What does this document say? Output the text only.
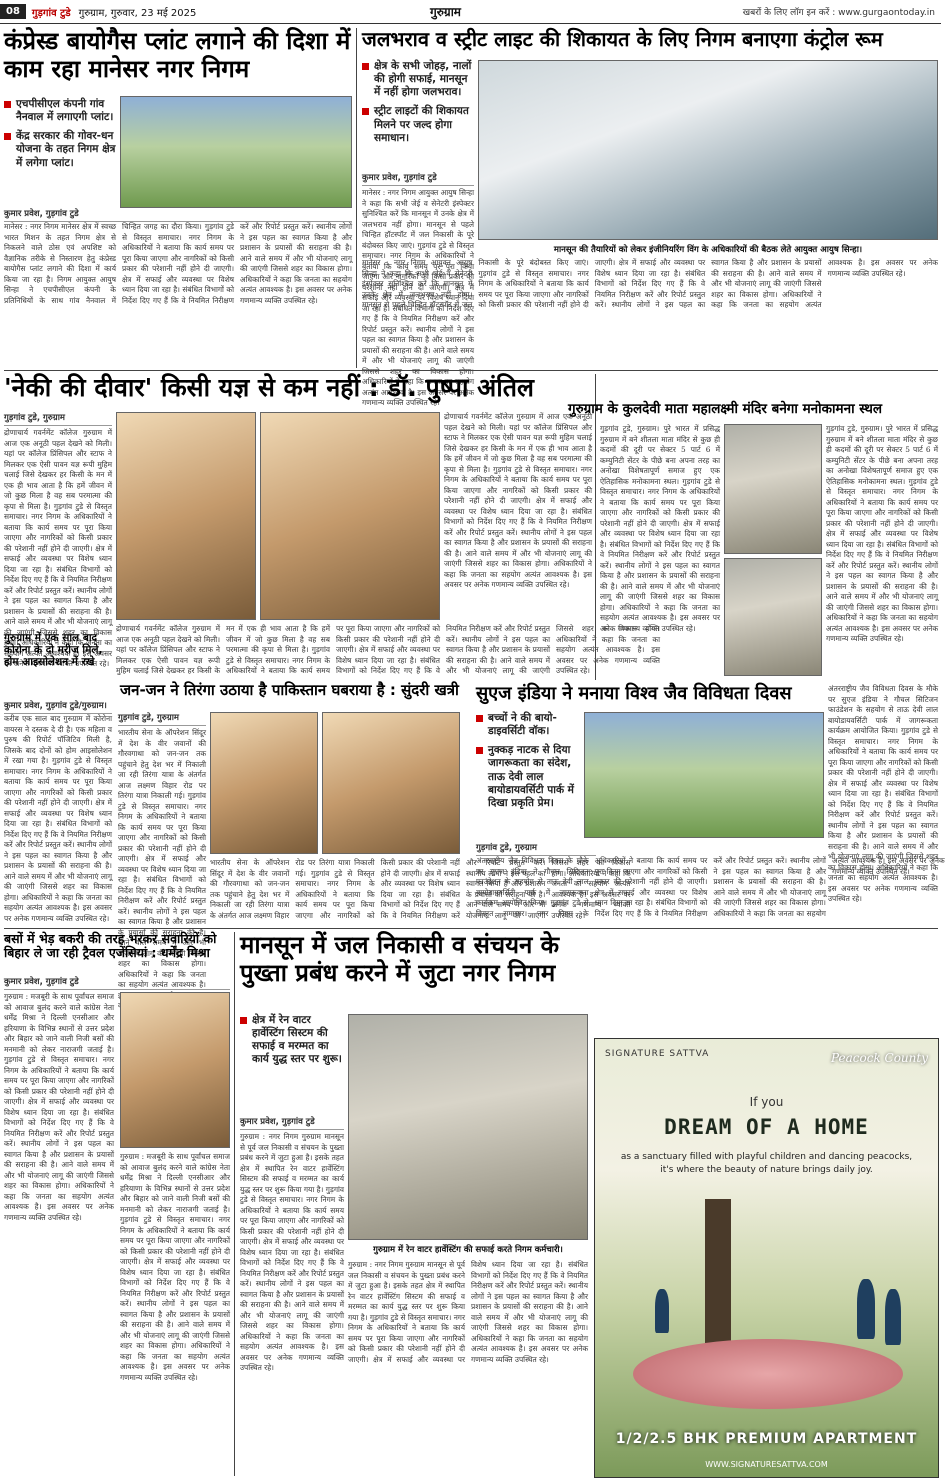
08	गुड़गांव टुडे गुरुग्राम, गुरुवार, 23 मई 2025	गुरुग्राम	खबरों के लिए लॉग इन करें : www.gurgaontoday.in
कंप्रेस्ड बायोगैस प्लांट लगाने की दिशा में काम रहा मानेसर नगर निगम
एचपीसीएल कंपनी गांव नैनवाल में लगाएगी प्लांट।
केंद्र सरकार की गोवर-धन योजना के तहत निगम क्षेत्र में लगेगा प्लांट।
कुमार प्रवेश, गुड़गांव टुडे
मानेसर : नगर निगम मानेसर क्षेत्र में स्वच्छ भारत मिशन के तहत निगम क्षेत्र से निकलने वाले ठोस एवं अपशिष्ट को वैज्ञानिक तरीके से निस्तारण हेतु कंप्रेस्ड बायोगैस प्लांट लगाने की दिशा में कार्य किया जा रहा है। निगम आयुक्त आयुष सिन्हा ने एचपीसीएल कंपनी के प्रतिनिधियों के साथ गांव नैनवाल में चिन्हित जगह का दौरा किया। गुड़गांव टुडे से विस्तृत समाचार। नगर निगम के अधिकारियों ने बताया कि कार्य समय पर पूरा किया जाएगा और नागरिकों को किसी प्रकार की परेशानी नहीं होने दी जाएगी। क्षेत्र में सफाई और व्यवस्था पर विशेष ध्यान दिया जा रहा है। संबंधित विभागों को निर्देश दिए गए हैं कि वे नियमित निरीक्षण करें और रिपोर्ट प्रस्तुत करें। स्थानीय लोगों ने इस पहल का स्वागत किया है और प्रशासन के प्रयासों की सराहना की है। आने वाले समय में और भी योजनाएं लागू की जाएंगी जिससे शहर का विकास होगा। अधिकारियों ने कहा कि जनता का सहयोग अत्यंत आवश्यक है। इस अवसर पर अनेक गणमान्य व्यक्ति उपस्थित रहे।
जलभराव व स्ट्रीट लाइट की शिकायत के लिए निगम बनाएगा कंट्रोल रूम
क्षेत्र के सभी जोहड़, नालों की होगी सफाई, मानसून में नहीं होगा जलभराव।
स्ट्रीट लाइटों की शिकायत मिलने पर जल्द होगा समाधान।
कुमार प्रवेश, गुड़गांव टुडे
मानेसर : नगर निगम आयुक्त आयुष सिन्हा ने कहा कि सभी जेई व सेनेटरी इंस्पेक्टर सुनिश्चित करें कि मानसून में उनके क्षेत्र में जलभराव नहीं होगा। मानसून से पहले चिन्हित हॉटस्पॉट में जल निकासी के पूरे बंदोबस्त किए जाएं। गुड़गांव टुडे से विस्तृत समाचार। नगर निगम के अधिकारियों ने बताया कि कार्य समय पर पूरा किया जाएगा और नागरिकों को किसी प्रकार की परेशानी नहीं होने दी जाएगी। क्षेत्र में सफाई और व्यवस्था पर विशेष ध्यान दिया जा रहा है। संबंधित विभागों को निर्देश दिए गए हैं कि वे नियमित निरीक्षण करें और रिपोर्ट प्रस्तुत करें। स्थानीय लोगों ने इस पहल का स्वागत किया है और प्रशासन के प्रयासों की सराहना की है। आने वाले समय में और भी योजनाएं लागू की जाएंगी जिससे शहर का विकास होगा। अधिकारियों ने कहा कि जनता का सहयोग अत्यंत आवश्यक है। इस अवसर पर अनेक गणमान्य व्यक्ति उपस्थित रहे।	मानसून की तैयारियों को लेकर इंजीनियरिंग विंग के अधिकारियों की बैठक लेते आयुक्त आयुष सिन्हा।
मानेसर : नगर निगम आयुक्त आयुष सिन्हा ने कहा कि सभी जेई व सेनेटरी इंस्पेक्टर सुनिश्चित करें कि मानसून में उनके क्षेत्र में जलभराव नहीं होगा। मानसून से पहले चिन्हित हॉटस्पॉट में जल निकासी के पूरे बंदोबस्त किए जाएं। गुड़गांव टुडे से विस्तृत समाचार। नगर निगम के अधिकारियों ने बताया कि कार्य समय पर पूरा किया जाएगा और नागरिकों को किसी प्रकार की परेशानी नहीं होने दी जाएगी। क्षेत्र में सफाई और व्यवस्था पर विशेष ध्यान दिया जा रहा है। संबंधित विभागों को निर्देश दिए गए हैं कि वे नियमित निरीक्षण करें और रिपोर्ट प्रस्तुत करें। स्थानीय लोगों ने इस पहल का स्वागत किया है और प्रशासन के प्रयासों की सराहना की है। आने वाले समय में और भी योजनाएं लागू की जाएंगी जिससे शहर का विकास होगा। अधिकारियों ने कहा कि जनता का सहयोग अत्यंत आवश्यक है। इस अवसर पर अनेक गणमान्य व्यक्ति उपस्थित रहे।
'नेकी की दीवार' किसी यज्ञ से कम नहीं : डॉ. पुष्पा अंतिल
गुड़गांव टुडे, गुरुग्राम
द्रोणाचार्य गवर्नमेंट कॉलेज गुरुग्राम में आज एक अनूठी पहल देखने को मिली। यहां पर कॉलेज प्रिंसिपल और स्टाफ ने मिलकर एक ऐसी पावन यज्ञ रूपी मुहिम चलाई जिसे देखकर हर किसी के मन में एक ही भाव आता है कि हमें जीवन में जो कुछ मिला है वह सब परमात्मा की कृपा से मिला है। गुड़गांव टुडे से विस्तृत समाचार। नगर निगम के अधिकारियों ने बताया कि कार्य समय पर पूरा किया जाएगा और नागरिकों को किसी प्रकार की परेशानी नहीं होने दी जाएगी। क्षेत्र में सफाई और व्यवस्था पर विशेष ध्यान दिया जा रहा है। संबंधित विभागों को निर्देश दिए गए हैं कि वे नियमित निरीक्षण करें और रिपोर्ट प्रस्तुत करें। स्थानीय लोगों ने इस पहल का स्वागत किया है और प्रशासन के प्रयासों की सराहना की है। आने वाले समय में और भी योजनाएं लागू की जाएंगी जिससे शहर का विकास होगा। अधिकारियों ने कहा कि जनता का सहयोग अत्यंत आवश्यक है। इस अवसर पर अनेक गणमान्य व्यक्ति उपस्थित रहे।
द्रोणाचार्य गवर्नमेंट कॉलेज गुरुग्राम में आज एक अनूठी पहल देखने को मिली। यहां पर कॉलेज प्रिंसिपल और स्टाफ ने मिलकर एक ऐसी पावन यज्ञ रूपी मुहिम चलाई जिसे देखकर हर किसी के मन में एक ही भाव आता है कि हमें जीवन में जो कुछ मिला है वह सब परमात्मा की कृपा से मिला है। गुड़गांव टुडे से विस्तृत समाचार। नगर निगम के अधिकारियों ने बताया कि कार्य समय पर पूरा किया जाएगा और नागरिकों को किसी प्रकार की परेशानी नहीं होने दी जाएगी। क्षेत्र में सफाई और व्यवस्था पर विशेष ध्यान दिया जा रहा है। संबंधित विभागों को निर्देश दिए गए हैं कि वे नियमित निरीक्षण करें और रिपोर्ट प्रस्तुत करें। स्थानीय लोगों ने इस पहल का स्वागत किया है और प्रशासन के प्रयासों की सराहना की है। आने वाले समय में और भी योजनाएं लागू की जाएंगी जिससे शहर का विकास होगा। अधिकारियों ने कहा कि जनता का सहयोग अत्यंत आवश्यक है। इस अवसर पर अनेक गणमान्य व्यक्ति उपस्थित रहे।
द्रोणाचार्य गवर्नमेंट कॉलेज गुरुग्राम में आज एक अनूठी पहल देखने को मिली। यहां पर कॉलेज प्रिंसिपल और स्टाफ ने मिलकर एक ऐसी पावन यज्ञ रूपी मुहिम चलाई जिसे देखकर हर किसी के मन में एक ही भाव आता है कि हमें जीवन में जो कुछ मिला है वह सब परमात्मा की कृपा से मिला है। गुड़गांव टुडे से विस्तृत समाचार। नगर निगम के अधिकारियों ने बताया कि कार्य समय पर पूरा किया जाएगा और नागरिकों को किसी प्रकार की परेशानी नहीं होने दी जाएगी। क्षेत्र में सफाई और व्यवस्था पर विशेष ध्यान दिया जा रहा है। संबंधित विभागों को निर्देश दिए गए हैं कि वे नियमित निरीक्षण करें और रिपोर्ट प्रस्तुत करें। स्थानीय लोगों ने इस पहल का स्वागत किया है और प्रशासन के प्रयासों की सराहना की है। आने वाले समय में और भी योजनाएं लागू की जाएंगी जिससे शहर का विकास होगा। अधिकारियों ने कहा कि जनता का सहयोग अत्यंत आवश्यक है। इस अवसर पर अनेक गणमान्य व्यक्ति उपस्थित रहे।
गुरुग्राम के कुलदेवी माता महालक्ष्मी मंदिर बनेगा मनोकामना स्थल
गुड़गांव टुडे, गुरुग्राम। पुरे भारत में प्रसिद्ध गुरुग्राम में बने शीतला माता मंदिर से कुछ ही कदमों की दूरी पर सेक्टर 5 पार्ट 6 में कम्युनिटी सेंटर के पीछे बना अपना तरह का अनोखा विशेषतापूर्ण समाज हुए एक ऐतिहासिक मनोकामना स्थल। गुड़गांव टुडे से विस्तृत समाचार। नगर निगम के अधिकारियों ने बताया कि कार्य समय पर पूरा किया जाएगा और नागरिकों को किसी प्रकार की परेशानी नहीं होने दी जाएगी। क्षेत्र में सफाई और व्यवस्था पर विशेष ध्यान दिया जा रहा है। संबंधित विभागों को निर्देश दिए गए हैं कि वे नियमित निरीक्षण करें और रिपोर्ट प्रस्तुत करें। स्थानीय लोगों ने इस पहल का स्वागत किया है और प्रशासन के प्रयासों की सराहना की है। आने वाले समय में और भी योजनाएं लागू की जाएंगी जिससे शहर का विकास होगा। अधिकारियों ने कहा कि जनता का सहयोग अत्यंत आवश्यक है। इस अवसर पर अनेक गणमान्य व्यक्ति उपस्थित रहे।
गुड़गांव टुडे, गुरुग्राम। पुरे भारत में प्रसिद्ध गुरुग्राम में बने शीतला माता मंदिर से कुछ ही कदमों की दूरी पर सेक्टर 5 पार्ट 6 में कम्युनिटी सेंटर के पीछे बना अपना तरह का अनोखा विशेषतापूर्ण समाज हुए एक ऐतिहासिक मनोकामना स्थल। गुड़गांव टुडे से विस्तृत समाचार। नगर निगम के अधिकारियों ने बताया कि कार्य समय पर पूरा किया जाएगा और नागरिकों को किसी प्रकार की परेशानी नहीं होने दी जाएगी। क्षेत्र में सफाई और व्यवस्था पर विशेष ध्यान दिया जा रहा है। संबंधित विभागों को निर्देश दिए गए हैं कि वे नियमित निरीक्षण करें और रिपोर्ट प्रस्तुत करें। स्थानीय लोगों ने इस पहल का स्वागत किया है और प्रशासन के प्रयासों की सराहना की है। आने वाले समय में और भी योजनाएं लागू की जाएंगी जिससे शहर का विकास होगा। अधिकारियों ने कहा कि जनता का सहयोग अत्यंत आवश्यक है। इस अवसर पर अनेक गणमान्य व्यक्ति उपस्थित रहे।
गुरुग्राम में एक साल बाद कोरोना के दो मरीज मिले, होम आइसोलेशन में रखे
कुमार प्रवेश, गुड़गांव टुडे/गुरुग्राम।
करीब एक साल बाद गुरुग्राम में कोरोना वायरस ने दस्तक दे दी है। एक महिला व पुरुष की रिपोर्ट पॉजिटिव मिली है, जिसके बाद दोनों को होम आइसोलेशन में रखा गया है। गुड़गांव टुडे से विस्तृत समाचार। नगर निगम के अधिकारियों ने बताया कि कार्य समय पर पूरा किया जाएगा और नागरिकों को किसी प्रकार की परेशानी नहीं होने दी जाएगी। क्षेत्र में सफाई और व्यवस्था पर विशेष ध्यान दिया जा रहा है। संबंधित विभागों को निर्देश दिए गए हैं कि वे नियमित निरीक्षण करें और रिपोर्ट प्रस्तुत करें। स्थानीय लोगों ने इस पहल का स्वागत किया है और प्रशासन के प्रयासों की सराहना की है। आने वाले समय में और भी योजनाएं लागू की जाएंगी जिससे शहर का विकास होगा। अधिकारियों ने कहा कि जनता का सहयोग अत्यंत आवश्यक है। इस अवसर पर अनेक गणमान्य व्यक्ति उपस्थित रहे।
जन-जन ने तिरंगा उठाया है पाकिस्तान घबराया है : सुंदरी खत्री
गुड़गांव टुडे, गुरुग्राम
भारतीय सेना के ऑपरेशन सिंदूर में देश के वीर जवानों की गौरवगाथा को जन-जन तक पहुंचाने हेतु देश भर में निकाली जा रही तिरंगा यात्रा के अंतर्गत आज लक्ष्मण विहार रोड पर तिरंगा यात्रा निकाली गई। गुड़गांव टुडे से विस्तृत समाचार। नगर निगम के अधिकारियों ने बताया कि कार्य समय पर पूरा किया जाएगा और नागरिकों को किसी प्रकार की परेशानी नहीं होने दी जाएगी। क्षेत्र में सफाई और व्यवस्था पर विशेष ध्यान दिया जा रहा है। संबंधित विभागों को निर्देश दिए गए हैं कि वे नियमित निरीक्षण करें और रिपोर्ट प्रस्तुत करें। स्थानीय लोगों ने इस पहल का स्वागत किया है और प्रशासन के प्रयासों की सराहना की है। आने वाले समय में और भी योजनाएं लागू की जाएंगी जिससे शहर का विकास होगा। अधिकारियों ने कहा कि जनता का सहयोग अत्यंत आवश्यक है। इस अवसर पर अनेक गणमान्य व्यक्ति उपस्थित रहे।
भारतीय सेना के ऑपरेशन सिंदूर में देश के वीर जवानों की गौरवगाथा को जन-जन तक पहुंचाने हेतु देश भर में निकाली जा रही तिरंगा यात्रा के अंतर्गत आज लक्ष्मण विहार रोड पर तिरंगा यात्रा निकाली गई। गुड़गांव टुडे से विस्तृत समाचार। नगर निगम के अधिकारियों ने बताया कि कार्य समय पर पूरा किया जाएगा और नागरिकों को किसी प्रकार की परेशानी नहीं होने दी जाएगी। क्षेत्र में सफाई और व्यवस्था पर विशेष ध्यान दिया जा रहा है। संबंधित विभागों को निर्देश दिए गए हैं कि वे नियमित निरीक्षण करें और रिपोर्ट प्रस्तुत करें। स्थानीय लोगों ने इस पहल का स्वागत किया है और प्रशासन के प्रयासों की सराहना की है। आने वाले समय में और भी योजनाएं लागू की जाएंगी जिससे शहर का विकास होगा। अधिकारियों ने कहा कि जनता का सहयोग अत्यंत आवश्यक है। इस अवसर पर अनेक गणमान्य व्यक्ति उपस्थित रहे।
सुएज इंडिया ने मनाया विश्व जैव विविधता दिवस
बच्चों ने की बायो-डाइवर्सिटी वॉक।
नुक्कड़ नाटक से दिया जागरूकता का संदेश, ताऊ देवी लाल बायोडायवर्सिटी पार्क में दिखा प्रकृति प्रेम।
अंतरराष्ट्रीय जैव विविधता दिवस के मौके पर सुएज इंडिया ने गौचल सिटिजन फाउंडेशन के सहयोग से ताऊ देवी लाल बायोडायवर्सिटी पार्क में जागरूकता कार्यक्रम आयोजित किया। गुड़गांव टुडे से विस्तृत समाचार। नगर निगम के अधिकारियों ने बताया कि कार्य समय पर पूरा किया जाएगा और नागरिकों को किसी प्रकार की परेशानी नहीं होने दी जाएगी। क्षेत्र में सफाई और व्यवस्था पर विशेष ध्यान दिया जा रहा है। संबंधित विभागों को निर्देश दिए गए हैं कि वे नियमित निरीक्षण करें और रिपोर्ट प्रस्तुत करें। स्थानीय लोगों ने इस पहल का स्वागत किया है और प्रशासन के प्रयासों की सराहना की है। आने वाले समय में और भी योजनाएं लागू की जाएंगी जिससे शहर का विकास होगा। अधिकारियों ने कहा कि जनता का सहयोग अत्यंत आवश्यक है। इस अवसर पर अनेक गणमान्य व्यक्ति उपस्थित रहे।
गुड़गांव टुडे, गुरुग्राम
अंतरराष्ट्रीय जैव विविधता दिवस के मौके पर सुएज इंडिया ने गौचल सिटिजन फाउंडेशन के सहयोग से ताऊ देवी लाल बायोडायवर्सिटी पार्क में जागरूकता कार्यक्रम आयोजित किया। गुड़गांव टुडे से विस्तृत समाचार। नगर निगम के अधिकारियों ने बताया कि कार्य समय पर पूरा किया जाएगा और नागरिकों को किसी प्रकार की परेशानी नहीं होने दी जाएगी। क्षेत्र में सफाई और व्यवस्था पर विशेष ध्यान दिया जा रहा है। संबंधित विभागों को निर्देश दिए गए हैं कि वे नियमित निरीक्षण करें और रिपोर्ट प्रस्तुत करें। स्थानीय लोगों ने इस पहल का स्वागत किया है और प्रशासन के प्रयासों की सराहना की है। आने वाले समय में और भी योजनाएं लागू की जाएंगी जिससे शहर का विकास होगा। अधिकारियों ने कहा कि जनता का सहयोग अत्यंत आवश्यक है। इस अवसर पर अनेक गणमान्य व्यक्ति उपस्थित रहे।
बसों में भेड़ बकरी की तरह भरकर सवारियों को बिहार ले जा रही ट्रैवल एजेंसियां : धर्मेंद्र मिश्रा
कुमार प्रवेश, गुड़गांव टुडे
गुरुग्राम : मजबूरी के साथ पूर्वांचल समाज को आवाज बुलंद करने वाले कांग्रेस नेता धर्मेंद्र मिश्रा ने दिल्ली एनसीआर और हरियाणा के विभिन्न स्थानों से उत्तर प्रदेश और बिहार को जाने वाली निजी बसों की मनमानी को लेकर नाराजगी जताई है। गुड़गांव टुडे से विस्तृत समाचार। नगर निगम के अधिकारियों ने बताया कि कार्य समय पर पूरा किया जाएगा और नागरिकों को किसी प्रकार की परेशानी नहीं होने दी जाएगी। क्षेत्र में सफाई और व्यवस्था पर विशेष ध्यान दिया जा रहा है। संबंधित विभागों को निर्देश दिए गए हैं कि वे नियमित निरीक्षण करें और रिपोर्ट प्रस्तुत करें। स्थानीय लोगों ने इस पहल का स्वागत किया है और प्रशासन के प्रयासों की सराहना की है। आने वाले समय में और भी योजनाएं लागू की जाएंगी जिससे शहर का विकास होगा। अधिकारियों ने कहा कि जनता का सहयोग अत्यंत आवश्यक है। इस अवसर पर अनेक गणमान्य व्यक्ति उपस्थित रहे।
गुरुग्राम : मजबूरी के साथ पूर्वांचल समाज को आवाज बुलंद करने वाले कांग्रेस नेता धर्मेंद्र मिश्रा ने दिल्ली एनसीआर और हरियाणा के विभिन्न स्थानों से उत्तर प्रदेश और बिहार को जाने वाली निजी बसों की मनमानी को लेकर नाराजगी जताई है। गुड़गांव टुडे से विस्तृत समाचार। नगर निगम के अधिकारियों ने बताया कि कार्य समय पर पूरा किया जाएगा और नागरिकों को किसी प्रकार की परेशानी नहीं होने दी जाएगी। क्षेत्र में सफाई और व्यवस्था पर विशेष ध्यान दिया जा रहा है। संबंधित विभागों को निर्देश दिए गए हैं कि वे नियमित निरीक्षण करें और रिपोर्ट प्रस्तुत करें। स्थानीय लोगों ने इस पहल का स्वागत किया है और प्रशासन के प्रयासों की सराहना की है। आने वाले समय में और भी योजनाएं लागू की जाएंगी जिससे शहर का विकास होगा। अधिकारियों ने कहा कि जनता का सहयोग अत्यंत आवश्यक है। इस अवसर पर अनेक गणमान्य व्यक्ति उपस्थित रहे।
मानसून में जल निकासी व संचयन के पुख्ता प्रबंध करने में जुटा नगर निगम
क्षेत्र में रेन वाटर हार्वेस्टिंग सिस्टम की सफाई व मरम्मत का कार्य युद्ध स्तर पर शुरू।
कुमार प्रवेश, गुड़गांव टुडे
गुरुग्राम : नगर निगम गुरुग्राम मानसून से पूर्व जल निकासी व संचयन के पुख्ता प्रबंध करने में जुटा हुआ है। इसके तहत क्षेत्र में स्थापित रेन वाटर हार्वेस्टिंग सिस्टम की सफाई व मरम्मत का कार्य युद्ध स्तर पर शुरू किया गया है। गुड़गांव टुडे से विस्तृत समाचार। नगर निगम के अधिकारियों ने बताया कि कार्य समय पर पूरा किया जाएगा और नागरिकों को किसी प्रकार की परेशानी नहीं होने दी जाएगी। क्षेत्र में सफाई और व्यवस्था पर विशेष ध्यान दिया जा रहा है। संबंधित विभागों को निर्देश दिए गए हैं कि वे नियमित निरीक्षण करें और रिपोर्ट प्रस्तुत करें। स्थानीय लोगों ने इस पहल का स्वागत किया है और प्रशासन के प्रयासों की सराहना की है। आने वाले समय में और भी योजनाएं लागू की जाएंगी जिससे शहर का विकास होगा। अधिकारियों ने कहा कि जनता का सहयोग अत्यंत आवश्यक है। इस अवसर पर अनेक गणमान्य व्यक्ति उपस्थित रहे।
गुरुग्राम में रेन वाटर हार्वेस्टिंग की सफाई करते निगम कर्मचारी।
गुरुग्राम : नगर निगम गुरुग्राम मानसून से पूर्व जल निकासी व संचयन के पुख्ता प्रबंध करने में जुटा हुआ है। इसके तहत क्षेत्र में स्थापित रेन वाटर हार्वेस्टिंग सिस्टम की सफाई व मरम्मत का कार्य युद्ध स्तर पर शुरू किया गया है। गुड़गांव टुडे से विस्तृत समाचार। नगर निगम के अधिकारियों ने बताया कि कार्य समय पर पूरा किया जाएगा और नागरिकों को किसी प्रकार की परेशानी नहीं होने दी जाएगी। क्षेत्र में सफाई और व्यवस्था पर विशेष ध्यान दिया जा रहा है। संबंधित विभागों को निर्देश दिए गए हैं कि वे नियमित निरीक्षण करें और रिपोर्ट प्रस्तुत करें। स्थानीय लोगों ने इस पहल का स्वागत किया है और प्रशासन के प्रयासों की सराहना की है। आने वाले समय में और भी योजनाएं लागू की जाएंगी जिससे शहर का विकास होगा। अधिकारियों ने कहा कि जनता का सहयोग अत्यंत आवश्यक है। इस अवसर पर अनेक गणमान्य व्यक्ति उपस्थित रहे।
SIGNATURE SATTVA	Peacock County
If you
DREAM OF A HOME
as a sanctuary filled with playful children and dancing peacocks, it's where the beauty of nature brings daily joy.
1/2/2.5 BHK PREMIUM APARTMENT
WWW.SIGNATURESATTVA.COM
